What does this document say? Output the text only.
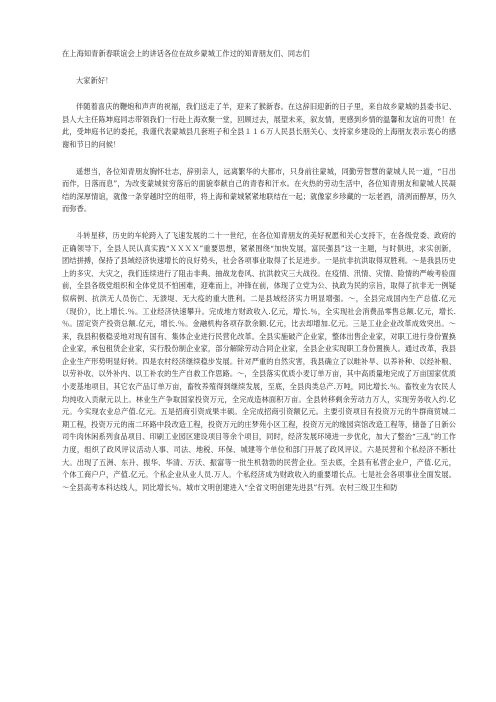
在上海知青新春联谊会上的讲话各位在故乡蒙城工作过的知青朋友们、同志们

大家新好！

伴随着喜庆的鞭炮和声声的祝福，我们送走了羊，迎来了猴新春。在这辞旧迎新的日子里，来自故乡蒙城的县委书记、县人大主任陈坤庭同志带领我们一行赴上海欢聚一堂，回顾过去，展望未来，叙友情，更感到乡情的温馨和友谊的可贵！在此，受坤庭书记的委托，我谨代表蒙城县几套班子和全县１１６万人民县长朋关心、支持家乡建设的上海朋友表示衷心的感谢和节日的问候！

遥想当，各位知青朋友胸怀壮志，辞别亲人，远离繁华的大都市，只身前往蒙城，同勤劳智慧的蒙城人民一道，“日出而作，日落而息”，为改变蒙城贫穷落后的面貌奉献自己的青春和汗水。在火热的劳动生活中，各位知青朋友和蒙城人民凝结的深厚情谊，就像一条穿越时空的纽带，将上海和蒙城紧紧地联结在一起；就像家乡珍藏的一坛老酒，清洌而醇厚，历久而弥香。

斗转星移，历史的车轮跨入了飞速发展的二十一世纪，在各位知青朋友的美好祝愿和关心支持下，在各级党委、政府的正确领导下，全县人民认真实践“ＸＸＸＸ”重要思想，紧紧围绕“加快发展，富民强县”这一主题，与时俱进，求实创新，团结拼搏，保持了县域经济快速增长的良好势头，社会各项事业取得了长足进步。一是抗非抗洪取得双胜利。～是我县历史上的多灾、大灾之，我们连续进行了阻击非典、抽战龙卷风、抗洪救灾三大战役。在疫情、汛情、灾情、险情的严峻考验面前，全县各级党组织和全体党员不怕困难，迎难而上，冲锋在前，体现了立党为公、执政为民的宗旨，取得了抗非无一例疑似病例、抗洪无人员伤亡、无溃堤、无大疫的重大胜利。二是县域经济实力明显增强。～，全县完成国内生产总值.亿元（现价），比上增长.％。工业经济快速攀升。完成地方财政收入.亿元，增长.％，全实现社会消费品零售总额.亿元，增长.％。固定资产投资总额.亿元，增长.％。金融机构各项存款余额.亿元，比去却增加.亿元。三是工业企业改革成效突出。～来，我县积极稳妥地对现有国有、集体企业进行民营化改革。全县实施破产企业家，整体出售企业家，对职工进行身份置换企业家，承包租赁企业家，实行股份制企业家，部分解除劳动合同企业家，全县企业实现职工身份置换人。通过改革，我县企业生产形势明显好转。四是农村经济继续稳步发展。针对严重的自然灾害，我县确立了以畦补旱、以养补种、以经补粮、以劳补收、以外补内、以工补农的生产自救工作思路。～，全县落实优质小麦订单万亩，其中高质量地完成了万亩国家优质小麦基地项目，其它农产品订单万亩，畜牧养殖得到继续发展，至底，全县肉类总产.万吨，同比增长.％。畜牧业为农民人均纯收入贡献元以上。林业生产争取国家投资万元，全完成造林面积万亩。全县转移剩余劳动力万人，实现劳务收入约.亿元。今实现农业总产值.亿元。五是招商引资成果丰硕。全完成招商引资额亿元。主要引资项目有投资万元的牛群商贸城二期工程，投资万元的南二环路中段改造工程，投资万元的庄梦苑小区工程，投资万元的缘园宾馆改造工程等，储备了日新公司牛肉休闲系列食品项目、印刷工业园区建设项目等余个项目，同时，经济发展环境进一步优化，加大了整治“三乱”的工作力度，组织了政风评议活动人事、司法、地税、环保、城建等个单位和部门开展了政风评议。六是民营和个私经济不断壮大。出现了五洲、东升、振华、华清、万沃、振富等一批生机勃勃的民营企业。至去底，全县有私营企业户，产值.亿元，个体工商户户，产值.亿元。个私企业从业人员.万人。个私经济成为财政收入的重要增长点。七是社会各项事业全面发展。～全县高考本科达线人，同比增长％。城市文明创建进入“全省文明创建先进县”行列。农村三级卫生和防
